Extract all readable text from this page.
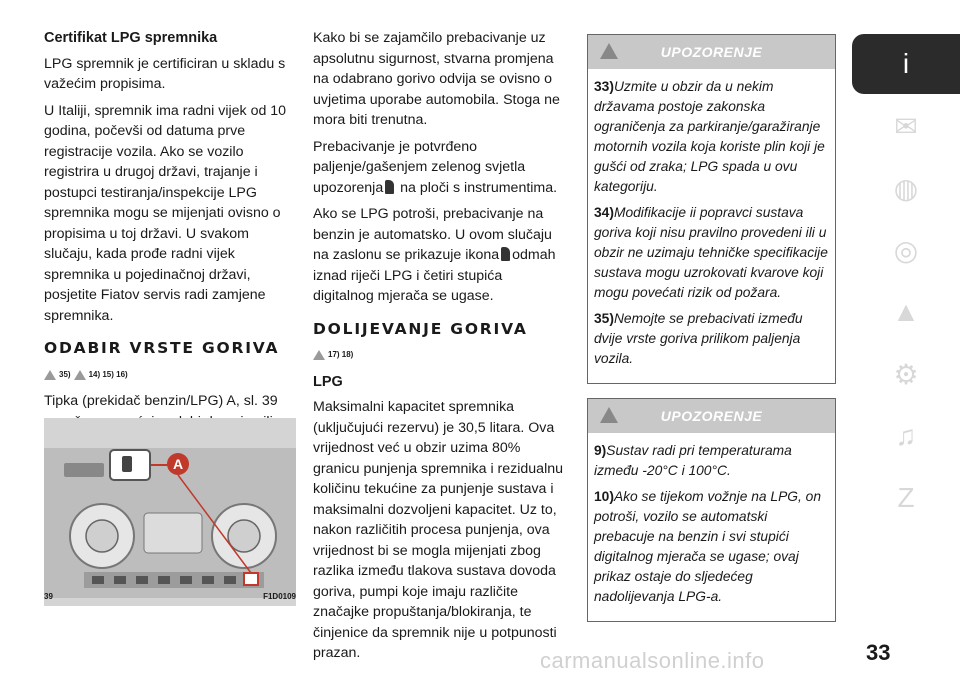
Certifikat LPG spremnika

LPG spremnik je certificiran u skladu s važećim propisima.

U Italiji, spremnik ima radni vijek od 10 godina, počevši od datuma prve registracije vozila. Ako se vozilo registrira u drugoj državi, trajanje i postupci testiranja/inspekcije LPG spremnika mogu se mijenjati ovisno o propisima u toj državi. U svakom slučaju, kada prođe radni vijek spremnika u pojedinačnoj državi, posjetite Fiatov servis radi zamjene spremnika.

ODABIR VRSTE GORIVA
35) 14) 15) 16)

Tipka (prekidač benzin/LPG) A, sl. 39

A
39	F1D0109

Kako bi se zajamčilo prebacivanje uz apsolutnu sigurnost, stvarna promjena na odabrano gorivo odvija se ovisno o uvjetima uporabe automobila. Stoga ne mora biti trenutna.

Prebacivanje je potvrđeno paljenje/gašenjem zelenog svjetla upozorenja na ploči s instrumentima.

Ako se LPG potroši, prebacivanje na benzin je automatsko. U ovom slučaju na zaslonu se prikazuje ikona odmah iznad riječi LPG i četiri stupića digitalnog mjerača se ugase.

DOLIJEVANJE GORIVA
17) 18)
LPG

Maksimalni kapacitet spremnika (uključujući rezervu) je 30,5 litara. Ova vrijednost već u obzir uzima 80% granicu punjenja spremnika i rezidualnu količinu tekućine za punjenje sustava i maksimalni dozvoljeni kapacitet. Uz to, nakon različitih procesa punjenja, ova vrijednost bi se mogla mijenjati zbog razlika između tlakova sustava dovoda goriva, pumpi koje imaju različite značajke propuštanja/blokiranja, te činjenice da spremnik nije u potpunosti prazan.

UPOZORENJE

33)Uzmite u obzir da u nekim državama postoje zakonska ograničenja za parkiranje/garažiranje motornih vozila koja koriste plin koji je gušći od zraka; LPG spada u ovu kategoriju.

34)Modifikacije ii popravci sustava goriva koji nisu pravilno provedeni ili u obzir ne uzimaju tehničke specifikacije sustava mogu uzrokovati kvarove koji mogu povećati rizik od požara.

35)Nemojte se prebacivati između dvije vrste goriva prilikom paljenja vozila.

UPOZORENJE

9)Sustav radi pri temperaturama između -20°C i 100°C.

10)Ako se tijekom vožnje na LPG, on potroši, vozilo se automatski prebacuje na benzin i svi stupići digitalnog mjerača se ugase; ovaj prikaz ostaje do sljedećeg nadolijevanja LPG-a.

i
✉
◍
◎
▲
⚙
♫
Z
carmanualsonline.info	33
